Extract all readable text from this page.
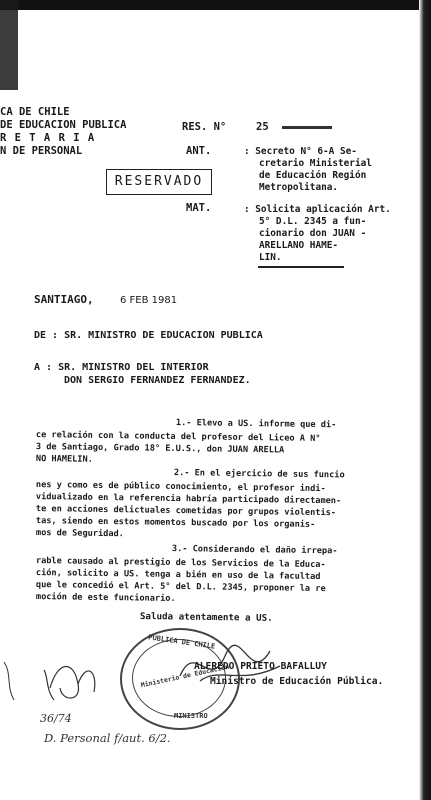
CA DE CHILE
DE EDUCACION PUBLICA
R E T A R I A
N DE PERSONAL
RESERVADO
RES. N°	25
ANT.	: Secreto N° 6-A Se-
cretario Ministerial
de Educación Región
Metropolitana.
MAT.	: Solicita aplicación Art.
5° D.L. 2345 a fun-
cionario don JUAN -
ARELLANO HAME-
LIN.
SANTIAGO,	6 FEB 1981
DE : SR. MINISTRO DE EDUCACION PUBLICA
A : SR. MINISTRO DEL INTERIOR
DON SERGIO FERNANDEZ FERNANDEZ.
1.- Elevo a US. informe que di-
ce relación con la conducta del profesor del Liceo A N°
3 de Santiago, Grado 18° E.U.S., don JUAN ARELLA
NO HAMELIN.
2.- En el ejercicio de sus funcio
nes y como es de público conocimiento, el profesor indi-
vidualizado en la referencia habría participado directamen-
te en acciones delictuales cometidas por grupos violentis-
tas, siendo en estos momentos buscado por los organis-
mos de Seguridad.
3.- Considerando el daño irrepa-
rable causado al prestigio de los Servicios de la Educa-
ción, solicito a US. tenga a bién en uso de la facultad
que le concedió el Art. 5° del D.L. 2345, proponer la re
moción de este funcionario.
Saluda atentamente a US.
PUBLICA DE CHILE
Ministerio de Educación
MINISTRO
ALFREDO PRIETO BAFALLUY
Ministro de Educación Pública.
36/74
D. Personal f/aut. 6/2.
